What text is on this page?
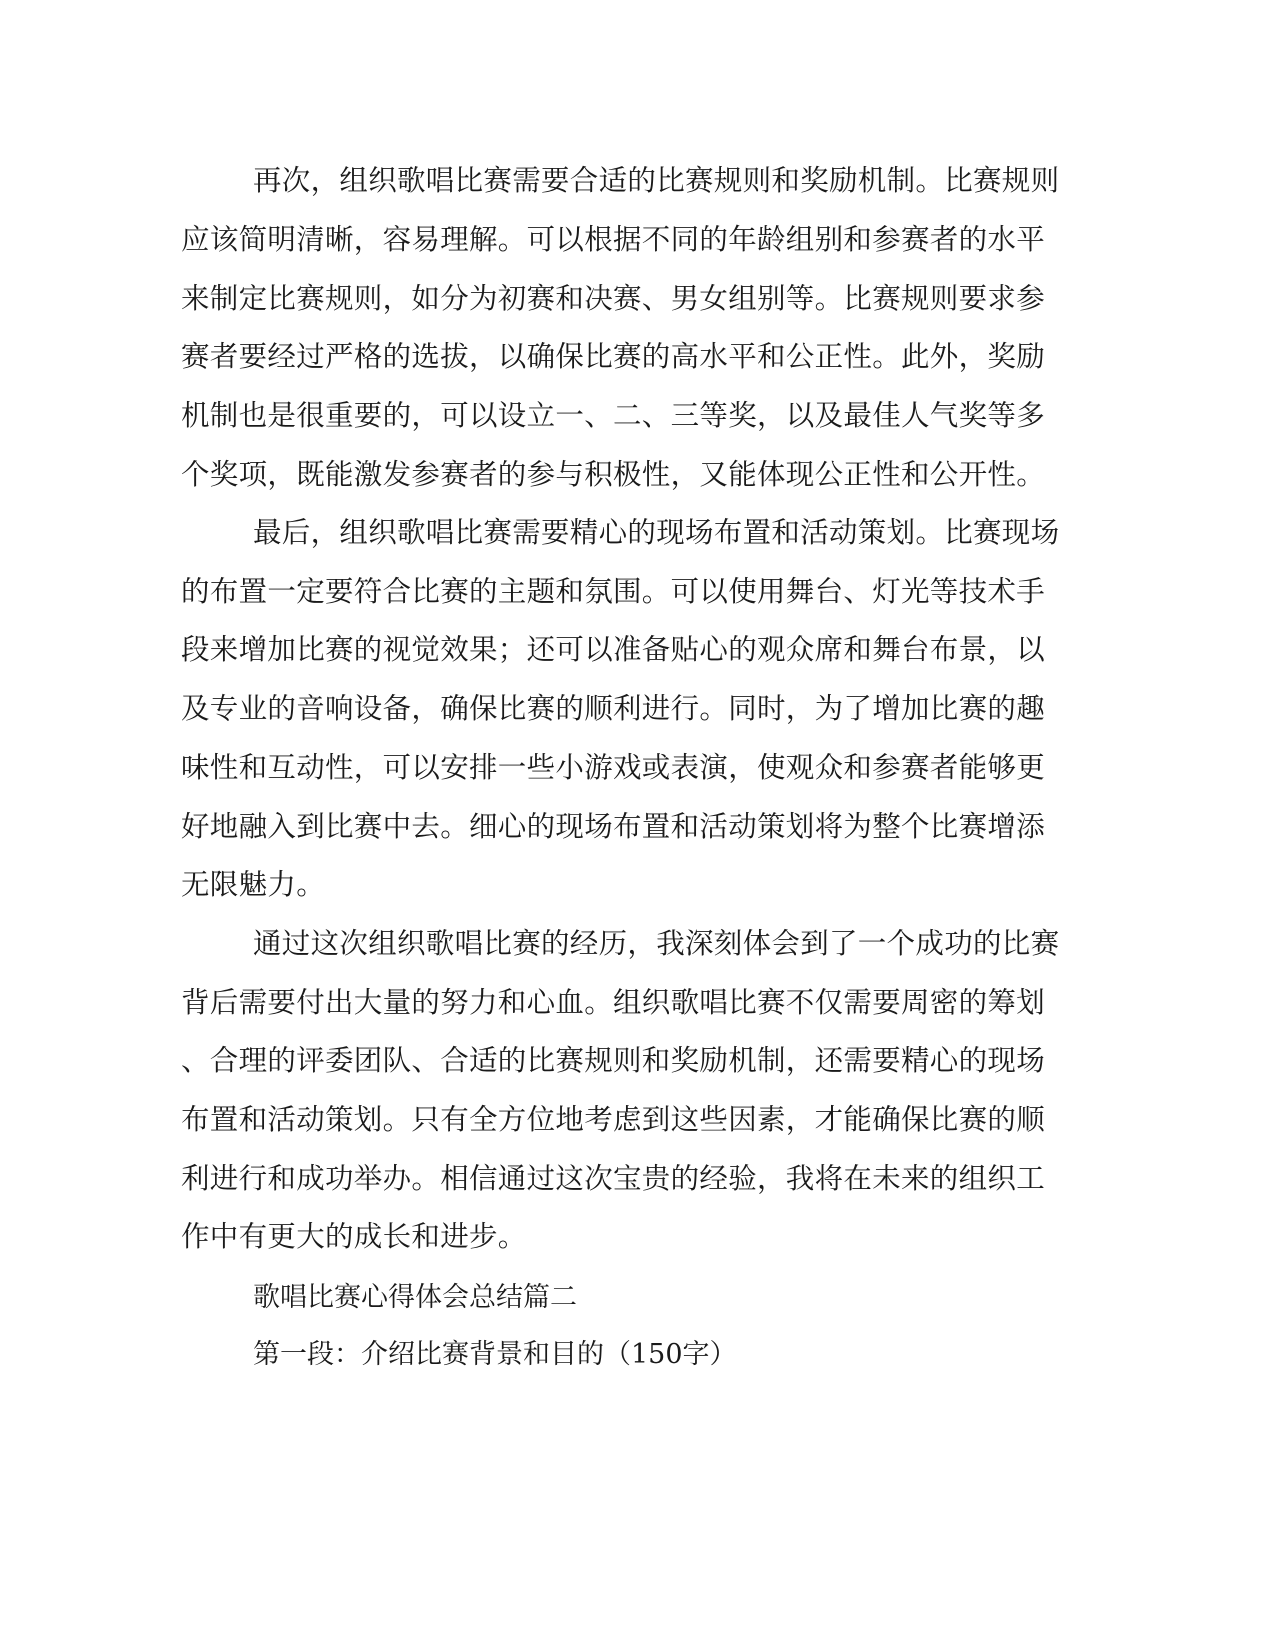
再次，组织歌唱比赛需要合适的比赛规则和奖励机制。比赛规则

应该简明清晰，容易理解。可以根据不同的年龄组别和参赛者的水平

来制定比赛规则，如分为初赛和决赛、男女组别等。比赛规则要求参

赛者要经过严格的选拔，以确保比赛的高水平和公正性。此外，奖励

机制也是很重要的，可以设立一、二、三等奖，以及最佳人气奖等多

个奖项，既能激发参赛者的参与积极性，又能体现公正性和公开性。

最后，组织歌唱比赛需要精心的现场布置和活动策划。比赛现场

的布置一定要符合比赛的主题和氛围。可以使用舞台、灯光等技术手

段来增加比赛的视觉效果；还可以准备贴心的观众席和舞台布景，以

及专业的音响设备，确保比赛的顺利进行。同时，为了增加比赛的趣

味性和互动性，可以安排一些小游戏或表演，使观众和参赛者能够更

好地融入到比赛中去。细心的现场布置和活动策划将为整个比赛增添

无限魅力。

通过这次组织歌唱比赛的经历，我深刻体会到了一个成功的比赛

背后需要付出大量的努力和心血。组织歌唱比赛不仅需要周密的筹划

、合理的评委团队、合适的比赛规则和奖励机制，还需要精心的现场

布置和活动策划。只有全方位地考虑到这些因素，才能确保比赛的顺

利进行和成功举办。相信通过这次宝贵的经验，我将在未来的组织工

作中有更大的成长和进步。

歌唱比赛心得体会总结篇二

第一段：介绍比赛背景和目的（150字）
